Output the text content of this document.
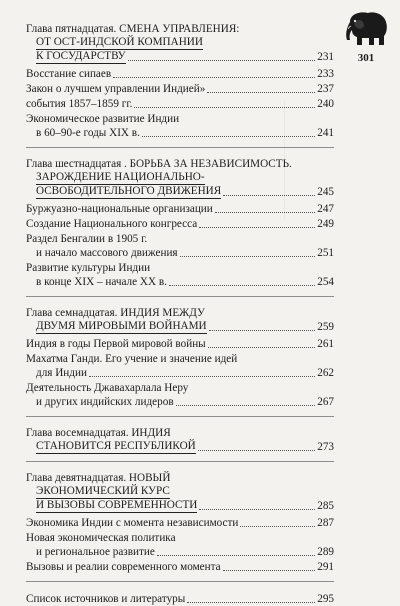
301
Глава пятнадцатая. СМЕНА УПРАВЛЕНИЯ:
ОТ ОСТ-ИНДСКОЙ КОМПАНИИ
К ГОСУДАРСТВУ	231
Восстание сипаев	233
Закон о лучшем управлении Индией»	237
события 1857–1859 гг.	240
Экономическое развитие Индии
в 60–90-е годы XIX в.	241
Глава шестнадцатая . БОРЬБА ЗА НЕЗАВИСИМОСТЬ.
ЗАРОЖДЕНИЕ НАЦИОНАЛЬНО-
ОСВОБОДИТЕЛЬНОГО ДВИЖЕНИЯ	245
Буржуазно-национальные организации	247
Создание Национального конгресса	249
Раздел Бенгалии в 1905 г.
и начало массового движения	251
Развитие культуры Индии
в конце XIX – начале XX в.	254
Глава семнадцатая. ИНДИЯ МЕЖДУ
ДВУМЯ МИРОВЫМИ ВОЙНАМИ	259
Индия в годы Первой мировой войны	261
Махатма Ганди. Его учение и значение идей
для Индии	262
Деятельность Джавахарлала Неру
и других индийских лидеров	267
Глава восемнадцатая. ИНДИЯ
СТАНОВИТСЯ РЕСПУБЛИКОЙ	273
Глава девятнадцатая. НОВЫЙ
ЭКОНОМИЧЕСКИЙ КУРС
И ВЫЗОВЫ СОВРЕМЕННОСТИ	285
Экономика Индии с момента независимости	287
Новая экономическая политика
и региональное развитие	289
Вызовы и реалии современного момента	291
Список источников и литературы	295
